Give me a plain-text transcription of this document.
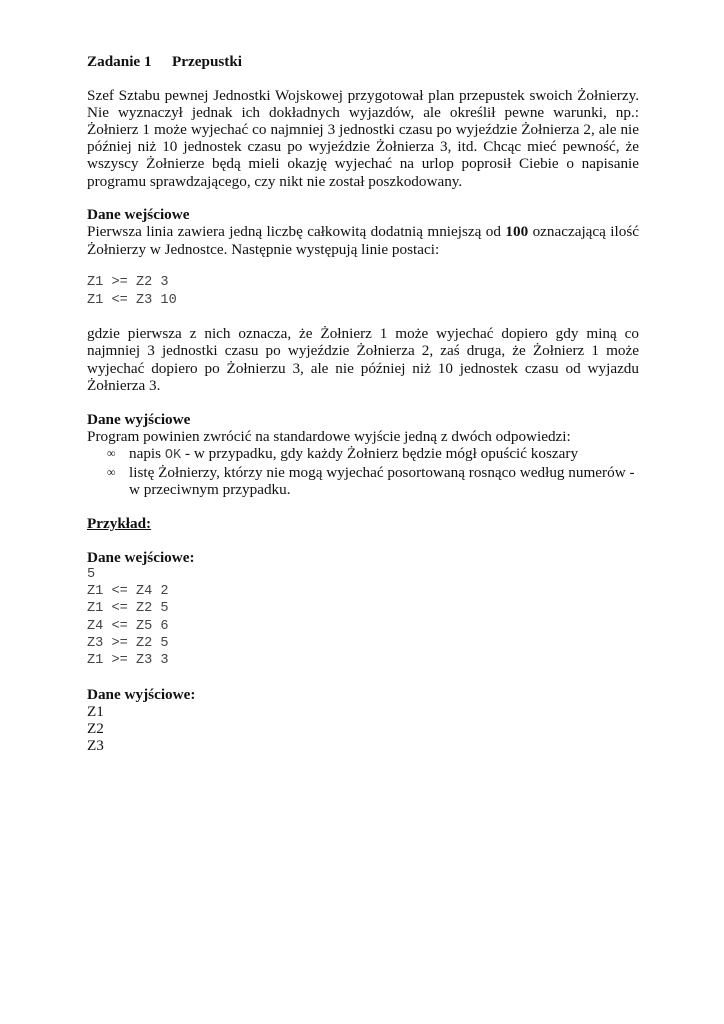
Zadanie 1	Przepustki
Szef Sztabu pewnej Jednostki Wojskowej przygotował plan przepustek swoich Żołnierzy. Nie wyznaczył jednak ich dokładnych wyjazdów, ale określił pewne warunki, np.: Żołnierz 1 może wyjechać co najmniej 3 jednostki czasu po wyjeździe Żołnierza 2, ale nie później niż 10 jednostek czasu po wyjeździe Żołnierza 3, itd. Chcąc mieć pewność, że wszyscy Żołnierze będą mieli okazję wyjechać na urlop poprosił Ciebie o napisanie programu sprawdzającego, czy nikt nie został poszkodowany.
Dane wejściowe
Pierwsza linia zawiera jedną liczbę całkowitą dodatnią mniejszą od 100 oznaczającą ilość Żołnierzy w Jednostce. Następnie występują linie postaci:
Z1 >= Z2 3
Z1 <= Z3 10
gdzie pierwsza z nich oznacza, że Żołnierz 1 może wyjechać dopiero gdy miną co najmniej 3 jednostki czasu po wyjeździe Żołnierza 2, zaś druga, że Żołnierz 1 może wyjechać dopiero po Żołnierzu 3, ale nie później niż 10 jednostek czasu od wyjazdu Żołnierza 3.
Dane wyjściowe
Program powinien zwrócić na standardowe wyjście jedną z dwóch odpowiedzi:
∞ napis OK - w przypadku, gdy każdy Żołnierz będzie mógł opuścić koszary
∞ listę Żołnierzy, którzy nie mogą wyjechać posortowaną rosnąco według numerów - w przeciwnym przypadku.
Przykład:
Dane wejściowe:
5
Z1 <= Z4 2
Z1 <= Z2 5
Z4 <= Z5 6
Z3 >= Z2 5
Z1 >= Z3 3
Dane wyjściowe:
Z1
Z2
Z3
